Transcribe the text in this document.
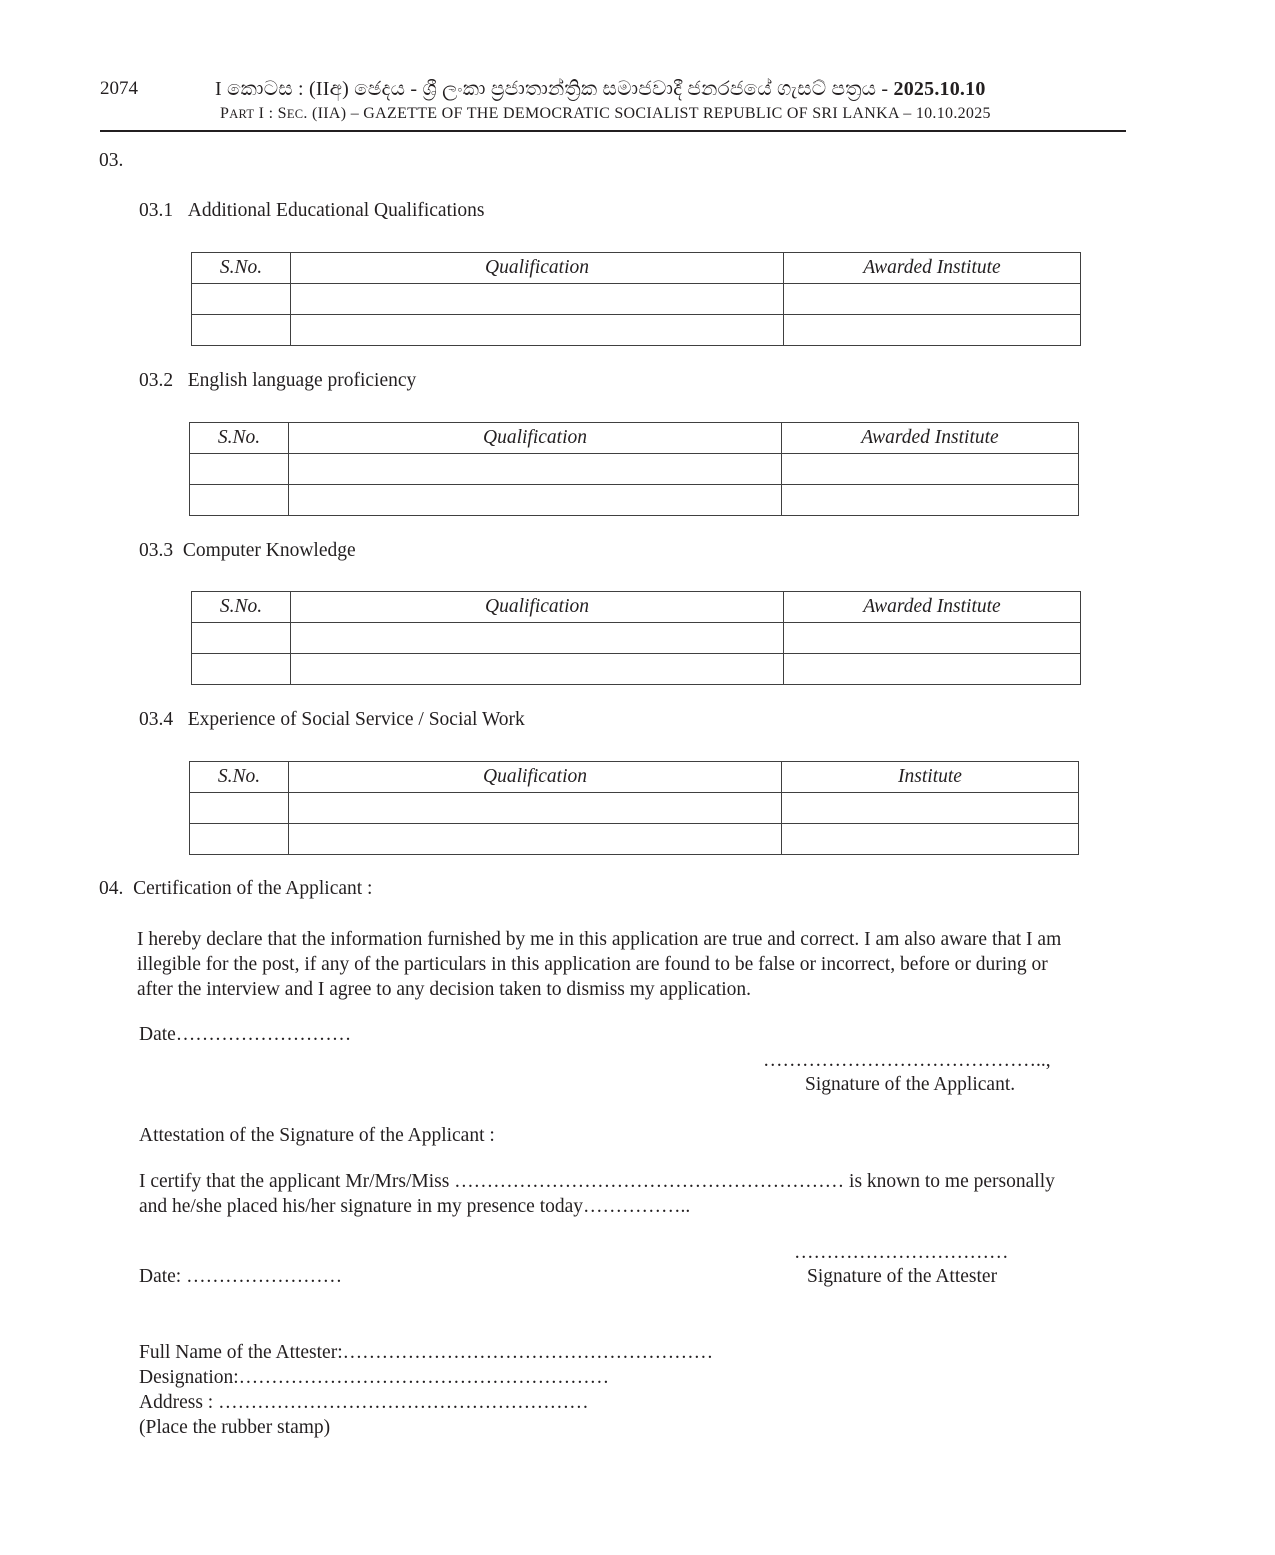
2074	I කොටස : (IIඅ) ඡෙදය - ශ්‍රී ලංකා ප්‍රජාතාන්ත්‍රික සමාජවාදී ජනරජයේ ගැසට් පත්‍රය - 2025.10.10
PART I : SEC. (IIA) – GAZETTE OF THE DEMOCRATIC SOCIALIST REPUBLIC OF SRI LANKA – 10.10.2025
03.
03.1 Additional Educational Qualifications
S.No.	Qualification	Awarded Institute

03.2 English language proficiency
S.No.	Qualification	Awarded Institute

03.3 Computer Knowledge
S.No.	Qualification	Awarded Institute

03.4 Experience of Social Service / Social Work
S.No.	Qualification	Institute

04. Certification of the Applicant :
I hereby declare that the information furnished by me in this application are true and correct. I am also aware that I am
illegible for the post, if any of the particulars in this application are found to be false or incorrect, before or during or
after the interview and I agree to any decision taken to dismiss my application.
Date………………………
……………………………………..,
Signature of the Applicant.
Attestation of the Signature of the Applicant :
I certify that the applicant Mr/Mrs/Miss …………………………………………………… is known to me personally
and he/she placed his/her signature in my presence today……………..
……………………………
Date: ……………………	Signature of the Attester
Full Name of the Attester:…………………………………………………
Designation:…………………………………………………
Address : …………………………………………………
(Place the rubber stamp)
